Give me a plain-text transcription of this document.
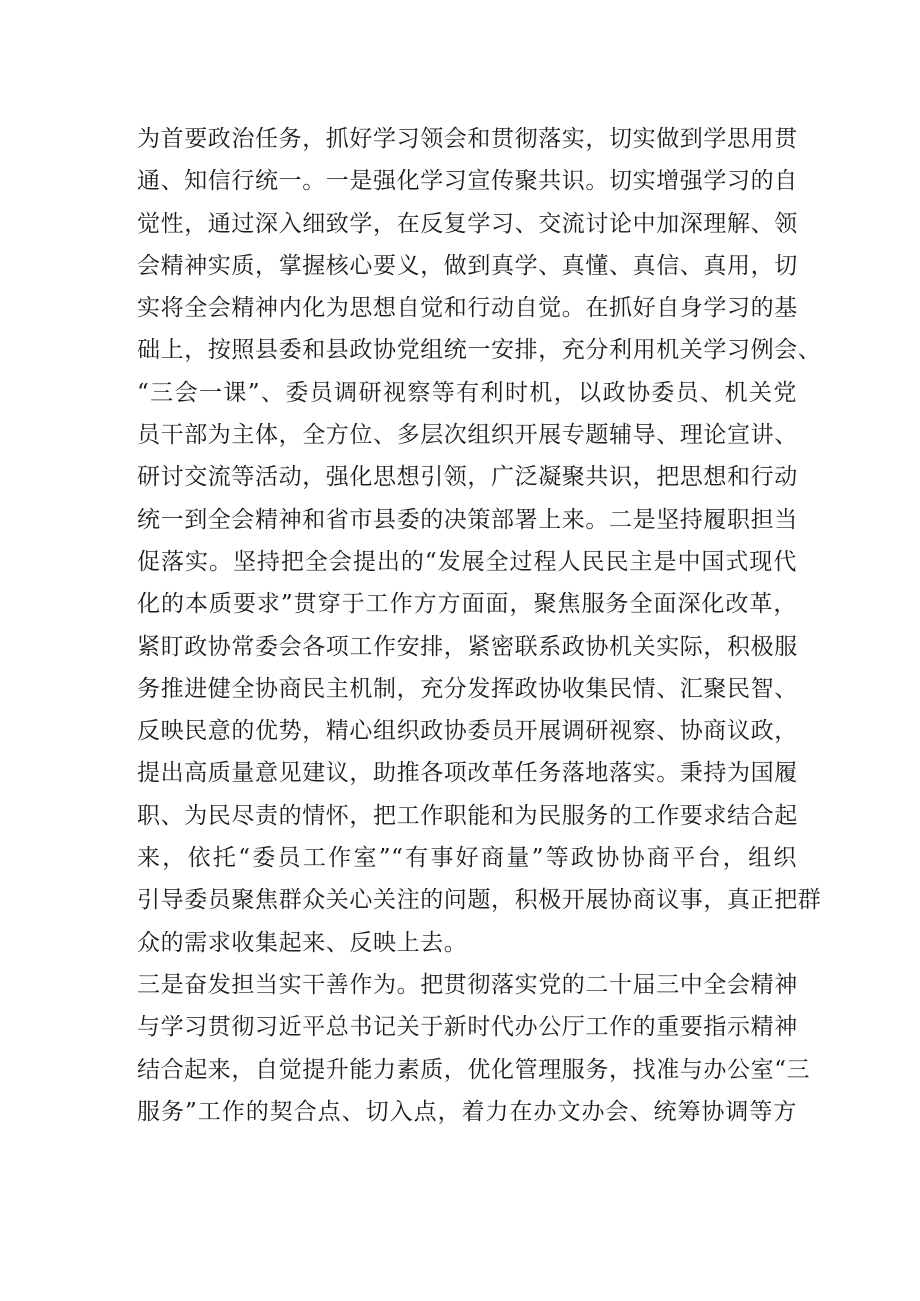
为首要政治任务，抓好学习领会和贯彻落实，切实做到学思用贯
通、知信行统一。一是强化学习宣传聚共识。切实增强学习的自
觉性，通过深入细致学，在反复学习、交流讨论中加深理解、领
会精神实质，掌握核心要义，做到真学、真懂、真信、真用，切
实将全会精神内化为思想自觉和行动自觉。在抓好自身学习的基
础上，按照县委和县政协党组统一安排，充分利用机关学习例会、
“三会一课”、委员调研视察等有利时机，以政协委员、机关党
员干部为主体，全方位、多层次组织开展专题辅导、理论宣讲、
研讨交流等活动，强化思想引领，广泛凝聚共识，把思想和行动
统一到全会精神和省市县委的决策部署上来。二是坚持履职担当
促落实。坚持把全会提出的“发展全过程人民民主是中国式现代
化的本质要求”贯穿于工作方方面面，聚焦服务全面深化改革，
紧盯政协常委会各项工作安排，紧密联系政协机关实际，积极服
务推进健全协商民主机制，充分发挥政协收集民情、汇聚民智、
反映民意的优势，精心组织政协委员开展调研视察、协商议政，
提出高质量意见建议，助推各项改革任务落地落实。秉持为国履
职、为民尽责的情怀，把工作职能和为民服务的工作要求结合起
来，依托“委员工作室”“有事好商量”等政协协商平台，组织
引导委员聚焦群众关心关注的问题，积极开展协商议事，真正把群
众的需求收集起来、反映上去。
三是奋发担当实干善作为。把贯彻落实党的二十届三中全会精神
与学习贯彻习近平总书记关于新时代办公厅工作的重要指示精神
结合起来，自觉提升能力素质，优化管理服务，找准与办公室“三
服务”工作的契合点、切入点，着力在办文办会、统筹协调等方
